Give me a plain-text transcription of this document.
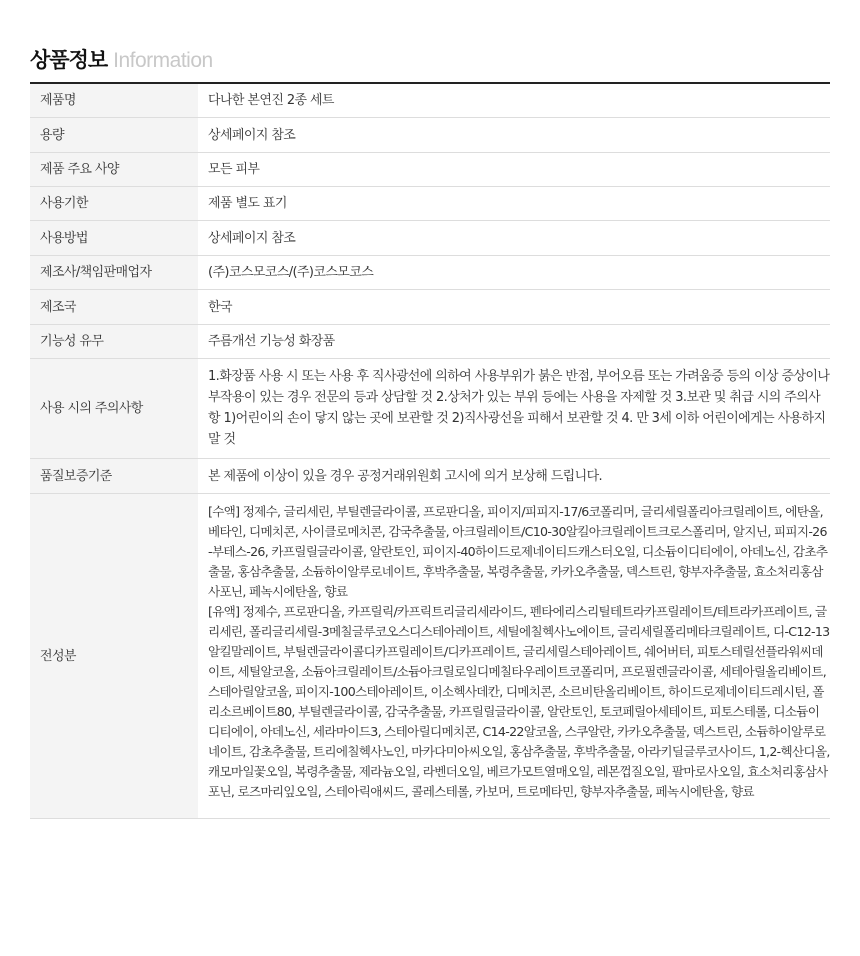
상품정보 Information
제품명	다나한 본연진 2종 세트
용량	상세페이지 참조
제품 주요 사양	모든 피부
사용기한	제품 별도 표기
사용방법	상세페이지 참조
제조사/책임판매업자	(주)코스모코스/(주)코스모코스
제조국	한국
기능성 유무	주름개선 기능성 화장품
사용 시의 주의사항	1.화장품 사용 시 또는 사용 후 직사광선에 의하여 사용부위가 붉은 반점, 부어오름 또는 가려움증 등의 이상 증상이나 부작용이 있는 경우 전문의 등과 상담할 것 2.상처가 있는 부위 등에는 사용을 자제할 것 3.보관 및 취급 시의 주의사항 1)어린이의 손이 닿지 않는 곳에 보관할 것 2)직사광선을 피해서 보관할 것 4. 만 3세 이하 어린이에게는 사용하지 말 것
품질보증기준	본 제품에 이상이 있을 경우 공정거래위원회 고시에 의거 보상해 드립니다.
전성분	[수액] 정제수, 글리세린, 부틸렌글라이콜, 프로판디올, 피이지/피피지-17/6코폴리머, 글리세릴폴리아크릴레이트, 에탄올, 베타인, 디메치콘, 사이클로메치콘, 감국추출물, 아크릴레이트/C10-30알킬아크릴레이트크로스폴리머, 알지닌, 피피지-26-부테스-26, 카프릴릴글라이콜, 알란토인, 피이지-40하이드로제네이티드캐스터오일, 디소듐이디티에이, 아데노신, 감초추출물, 홍삼추출물, 소듐하이알루로네이트, 후박추출물, 복령추출물, 카카오추출물, 덱스트린, 향부자추출물, 효소처리홍삼사포닌, 페녹시에탄올, 향료
[유액] 정제수, 프로판디올, 카프릴릭/카프릭트리글리세라이드, 펜타에리스리틸테트라카프릴레이트/테트라카프레이트, 글리세린, 폴리글리세릴-3메칠글루코오스디스테아레이트, 세틸에칠헥사노에이트, 글리세릴폴리메타크릴레이트, 디-C12-13알킬말레이트, 부틸렌글라이콜디카프릴레이트/디카프레이트, 글리세릴스테아레이트, 쉐어버터, 피토스테릴선플라워씨데이트, 세틸알코올, 소듐아크릴레이트/소듐아크릴로일디메칠타우레이트코폴리머, 프로필렌글라이콜, 세테아릴올리베이트, 스테아릴알코올, 피이지-100스테아레이트, 이소헥사데칸, 디메치콘, 소르비탄올리베이트, 하이드로제네이티드레시틴, 폴리소르베이트80, 부틸렌글라이콜, 감국추출물, 카프릴릴글라이콜, 알란토인, 토코페릴아세테이트, 피토스테롤, 디소듐이디티에이, 아데노신, 세라마이드3, 스테아릴디메치콘, C14-22알코올, 스쿠알란, 카카오추출물, 덱스트린, 소듐하이알루로네이트, 감초추출물, 트리에칠헥사노인, 마카다미아씨오일, 홍삼추출물, 후박추출물, 아라키딜글루코사이드, 1,2-헥산디올, 캐모마일꽃오일, 복령추출물, 제라늄오일, 라벤더오일, 베르가모트열매오일, 레몬껍질오일, 팔마로사오일, 효소처리홍삼사포닌, 로즈마리잎오일, 스테아릭애씨드, 콜레스테롤, 카보머, 트로메타민, 향부자추출물, 페녹시에탄올, 향료
